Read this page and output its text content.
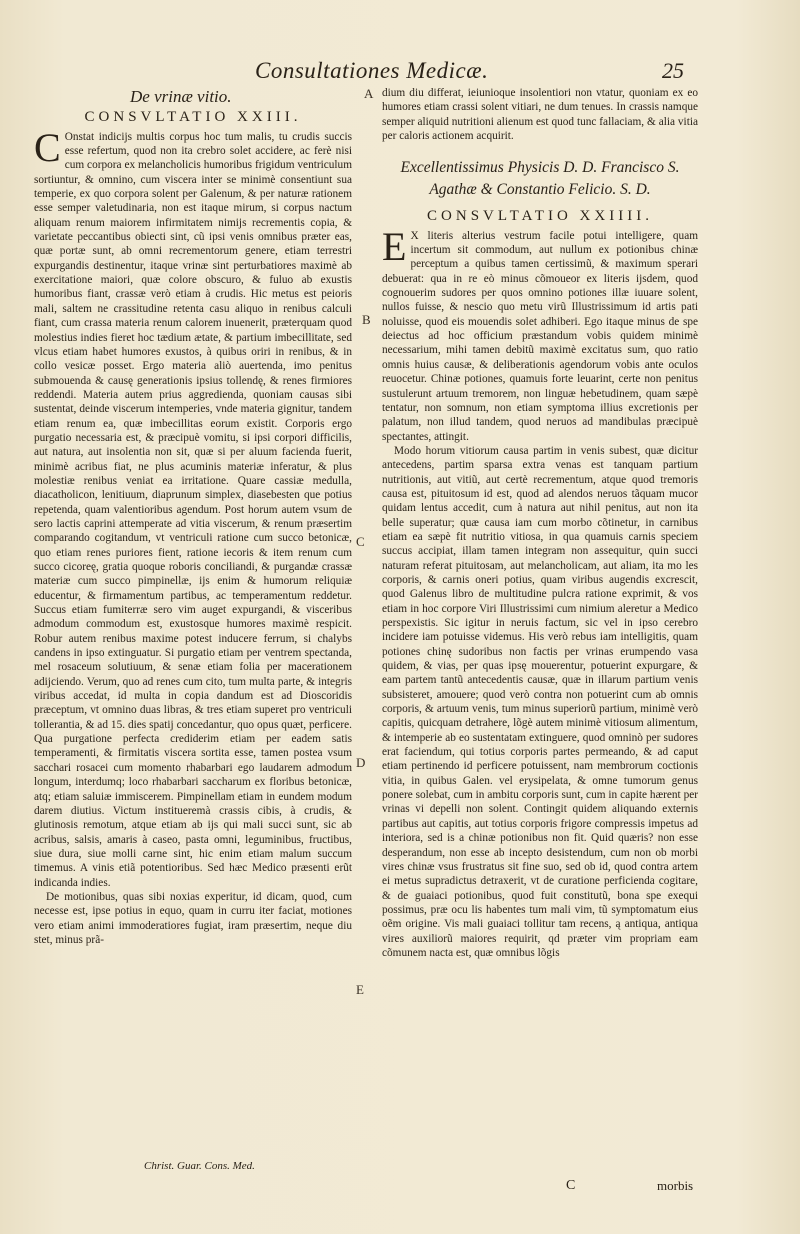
Consultationes Medicæ.	25
De vrinæ vitio.
CONSVLTATIO XXIII.

COnstat indicijs multis corpus hoc tum malis, tu crudis succis esse refertum, quod non ita crebro solet accidere, ac ferè nisi cum corpora ex melancholicis humoribus frigidum ventriculum sortiuntur, & omnino, cum viscera inter se minimè consentiunt sua temperie, ex quo corpora solent per Galenum, & per naturæ rationem esse semper valetudinaria, non est itaque mirum, si corpus nactum aliquam renum maiorem infirmitatem nimijs recrementis copia, & varietate peccantibus obiecti sint, cũ ipsi venis omnibus præter eas, quæ portæ sunt, ab omni recrementorum genere, etiam terrestri expurgandis destinentur, itaque vrinæ sint perturbatiores maximè ab exercitatione maiori, quæ colore obscuro, & fuluo ab exustis humoribus fiant, crassæ verò etiam à crudis. Hic metus est peioris mali, saltem ne crassitudine retenta casu aliquo in renibus calculi fiant, cum crassa materia renum calorem inuenerit, præterquam quod molestius indies fieret hoc tædium ætate, & partium imbecillitate, sed vlcus etiam habet humores exustos, à quibus oriri in renibus, & in collo vesicæ posset. Ergo materia aliò auertenda, imo penitus submouenda & causę generationis ipsius tollendę, & renes firmiores reddendi. Materia autem prius aggredienda, quoniam causas sibi sustentat, deinde viscerum intemperies, vnde materia gignitur, tandem etiam renum ea, quæ imbecillitas eorum existit. Corporis ergo purgatio necessaria est, & præcipuè vomitu, si ipsi corpori difficilis, aut natura, aut insolentia non sit, quæ si per aluum facienda fuerit, minimè acribus fiat, ne plus acuminis materiæ inferatur, & plus molestiæ renibus veniat ea irritatione. Quare cassiæ medulla, diacatholicon, lenitiuum, diaprunum simplex, diasebesten que potius repetenda, quam valentioribus agendum. Post horum autem vsum de sero lactis caprini attemperate ad vitia viscerum, & renum præsertim comparando cogitandum, vt ventriculi ratione cum succo betonicæ, quo etiam renes puriores fient, ratione iecoris & item renum cum succo cicoreę, gratia quoque roboris conciliandi, & purgandæ crassæ materiæ cum succo pimpinellæ, ijs enim & humorum reliquiæ educentur, & firmamentum partibus, ac temperamentum reddetur. Succus etiam fumiterræ sero vim auget expurgandi, & visceribus admodum commodum est, exustosque humores maximè respicit. Robur autem renibus maxime potest inducere ferrum, si chalybs candens in ipso extinguatur. Si purgatio etiam per ventrem spectanda, mel rosaceum solutiuum, & senæ etiam folia per macerationem adijciendo. Verum, quo ad renes cum cito, tum multa parte, & integris viribus accedat, id multa in copia dandum est ad Dioscoridis præceptum, vt omnino duas libras, & tres etiam superet pro ventriculi tollerantia, & ad 15. dies spatij concedantur, quo opus quæt, perficere. Qua purgatione perfecta crediderim etiam per eadem satis temperamenti, & firmitatis viscera sortita esse, tamen postea vsum sacchari rosacei cum momento rhabarbari ego laudarem admodum longum, interdumq; loco rhabarbari saccharum ex floribus betonicæ, atq; etiam saluiæ immiscerem. Pimpinellam etiam in eundem modum darem diutius. Victum institueremà crassis cibis, à crudis, & glutinosis remotum, atque etiam ab ijs qui mali succi sunt, sic ab acribus, salsis, amaris à caseo, pasta omni, leguminibus, fructibus, siue dura, siue molli carne sint, hic enim etiam malum succum timemus. A vinis etiã potentioribus. Sed hæc Medico præsenti erũt indicanda indies.

De motionibus, quas sibi noxias experitur, id dicam, quod, cum necesse est, ipse potius in equo, quam in curru iter faciat, motiones vero etiam animi immoderatiores fugiat, iram præsertim, neque diu stet, minus prã-

Christ. Guar. Cons. Med.

dium diu differat, ieiunioque insolentiori non vtatur, quoniam ex eo humores etiam crassi solent vitiari, ne dum tenues. In crassis namque semper aliquid nutritioni alienum est quod tunc fallaciam, & alia vitia per caloris actionem acquirit.

Excellentissimus Physicis D. D. Francisco S. Agathæ & Constantio Felicio. S. D.
CONSVLTATIO XXIIII.

EX literis alterius vestrum facile potui intelligere, quam incertum sit commodum, aut nullum ex potionibus chinæ perceptum a quibus tamen certissimũ, & maximum sperari debuerat: qua in re eò minus cõmoueor ex literis ijsdem, quod cognouerim sudores per quos omnino potiones illæ iuuare solent, nullos fuisse, & nescio quo metu virũ Illustrissimum id artis pati noluisse, quod eis mouendis solet adhiberi. Ego itaque minus de spe deiectus ad hoc officium præstandum vobis quidem minimè necessarium, mihi tamen debitũ maximè excitatus sum, quo ratio omnis huius causæ, & deliberationis agendorum vobis ante oculos reuocetur. Chinæ potiones, quamuis forte leuarint, certe non penitus sustulerunt artuum tremorem, non linguæ hebetudinem, quam sæpè tentatur, non somnum, non etiam symptoma illius excretionis per palatum, non illud tandem, quod neruos ad mandibulas præcipuè spectantes, attingit.

Modo horum vitiorum causa partim in venis subest, quæ dicitur antecedens, partim sparsa extra venas est tanquam partium nutritionis, aut vitiũ, aut certè recrementum, atque quod tremoris causa est, pituitosum id est, quod ad alendos neruos tãquam mucor quidam lentus accedit, cum à natura aut nihil penitus, aut non ita belle superatur; quæ causa iam cum morbo cõtinetur, in carnibus etiam ea sæpè fit nutritio vitiosa, in qua quamuis carnis speciem succus accipiat, illam tamen integram non assequitur, quin succi naturam referat pituitosam, aut melancholicam, aut aliam, ita mo les corporis, & carnis oneri potius, quam viribus augendis excrescit, quod Galenus libro de multitudine pulcra ratione exprimit, & vos etiam in hoc corpore Viri Illustrissimi cum nimium aleretur a Medico perspexistis. Sic igitur in neruis factum, sic vel in ipso cerebro incidere iam potuisse videmus. His verò rebus iam intelligitis, quam potiones chinę sudoribus non factis per vrinas erumpendo vasa quidem, & vias, per quas ipsę mouerentur, potuerint expurgare, & eam partem tantũ antecedentis causæ, quæ in illarum partium venis subsisteret, amouere; quod verò contra non potuerint cum ab omnis corporis, & artuum venis, tum minus superiorũ partium, minimè verò capitis, quicquam detrahere, lõgè autem minimè vitiosum alimentum, & intemperie ab eo sustentatam extinguere, quod omninò per sudores erat faciendum, qui totius corporis partes permeando, & ad caput etiam pertinendo id perficere potuissent, nam membrorum coctionis vitia, in quibus Galen. vel erysipelata, & omne tumorum genus ponere solebat, cum in ambitu corporis sunt, cum in capite hærent per vrinas vi depelli non solent. Contingit quidem aliquando externis partibus aut capitis, aut totius corporis frigore compressis impetus ad interiora, sed is a chinæ potionibus non fit. Quid quæris? non esse desperandum, non esse ab incepto desistendum, cum non ob morbi vires chinæ vsus frustratus sit fine suo, sed ob id, quod contra artem ei metus supradictus detraxerit, vt de curatione perficienda cogitare, & de guaiaci potionibus, quod fuit constitutũ, bona spe exequi possimus, præ ocu lis habentes tum mali vim, tũ symptomatum eius oẽm origine. Vis mali guaiaci tollitur tam recens, ą antiqua, antiqua vires auxiliorũ maiores requirit, qd præter vim propriam eam cõmunem nacta est, quæ omnibus lõgis

A
B
C
D
E
C	morbis
